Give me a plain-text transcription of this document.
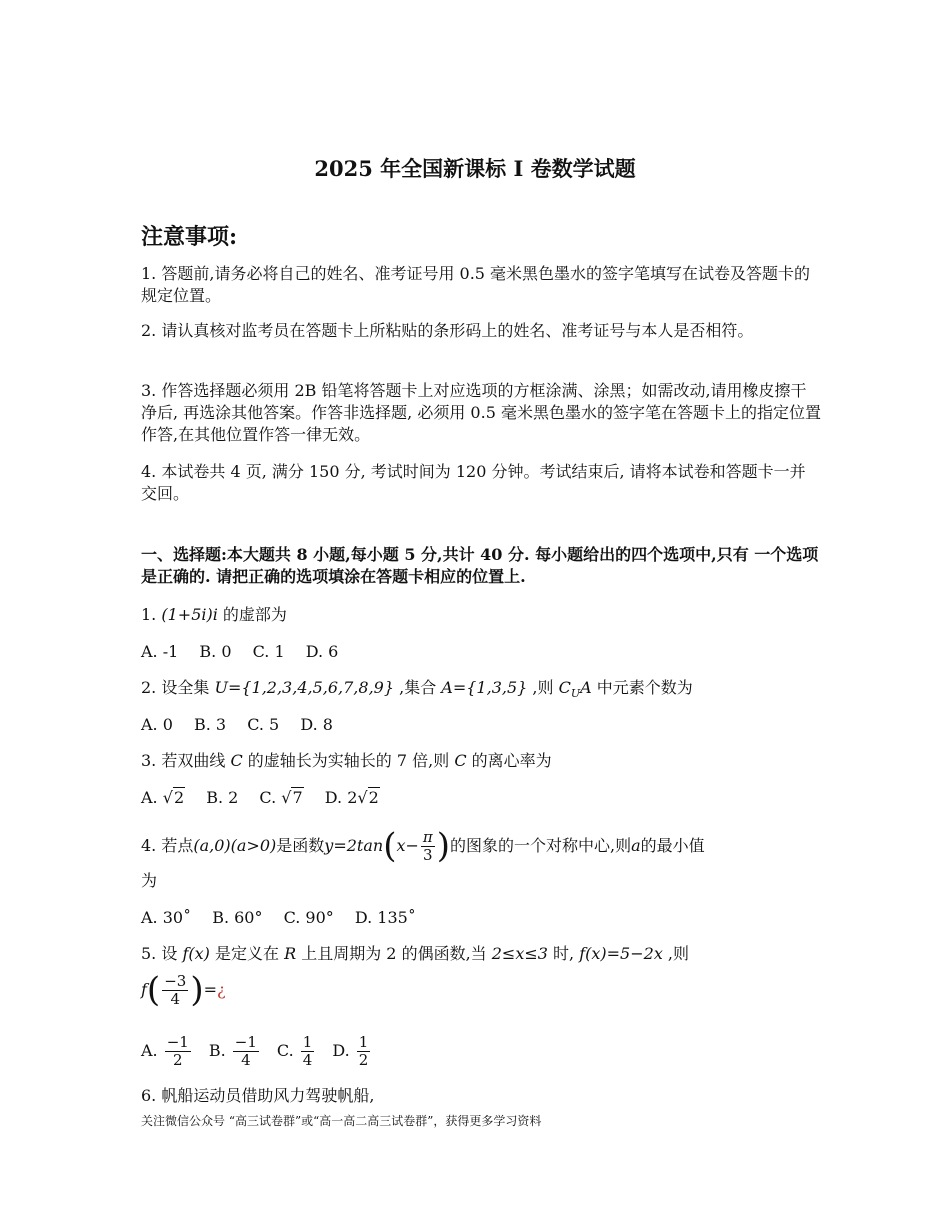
2025 年全国新课标 I 卷数学试题
注意事项:
1. 答题前,请务必将自己的姓名、准考证号用 0.5 毫米黑色墨水的签字笔填写在试卷及答题卡的规定位置。
2. 请认真核对监考员在答题卡上所粘贴的条形码上的姓名、准考证号与本人是否相符。
3. 作答选择题必须用 2B 铅笔将答题卡上对应选项的方框涂满、涂黑；如需改动,请用橡皮擦干净后, 再选涂其他答案。作答非选择题, 必须用 0.5 毫米黑色墨水的签字笔在答题卡上的指定位置作答,在其他位置作答一律无效。
4. 本试卷共 4 页, 满分 150 分, 考试时间为 120 分钟。考试结束后, 请将本试卷和答题卡一并交回。
一、选择题:本大题共 8 小题,每小题 5 分,共计 40 分. 每小题给出的四个选项中,只有 一个选项是正确的. 请把正确的选项填涂在答题卡相应的位置上.
1. (1+5i)i 的虚部为
A. -1 B. 0 C. 1 D. 6
2. 设全集 U={1,2,3,4,5,6,7,8,9} ,集合 A={1,3,5} ,则 $C_UA$ 中元素个数为
A. 0 B. 3 C. 5 D. 8
3. 若双曲线 C 的虚轴长为实轴长的 7 倍,则 C 的离心率为
A. √2 B. 2 C. √7 D. 2√2
4. 若点 (a,0)(a>0) 是函数 y=2tan ( $x- \frac{\pi}{3}$ ) 的图象的一个对称中心,则 a 的最小值
为
A. 30˚ B. 60° C. 90° D. 135˚
5. 设 f(x) 是定义在 R 上且周期为 2 的偶函数,当 2≤x≤3 时, f(x)=5−2x ,则
f ( $\frac{-3}{4}$ ) = ¿
A. $\frac{-1}{2} B$. $\frac{-1}{4} C$. $\frac{1}{4} D$. $\frac{1}{2}$
6. 帆船运动员借助风力驾驶帆船,
关注微信公众号 “高三试卷群”或“高一高二高三试卷群”，获得更多学习资料
